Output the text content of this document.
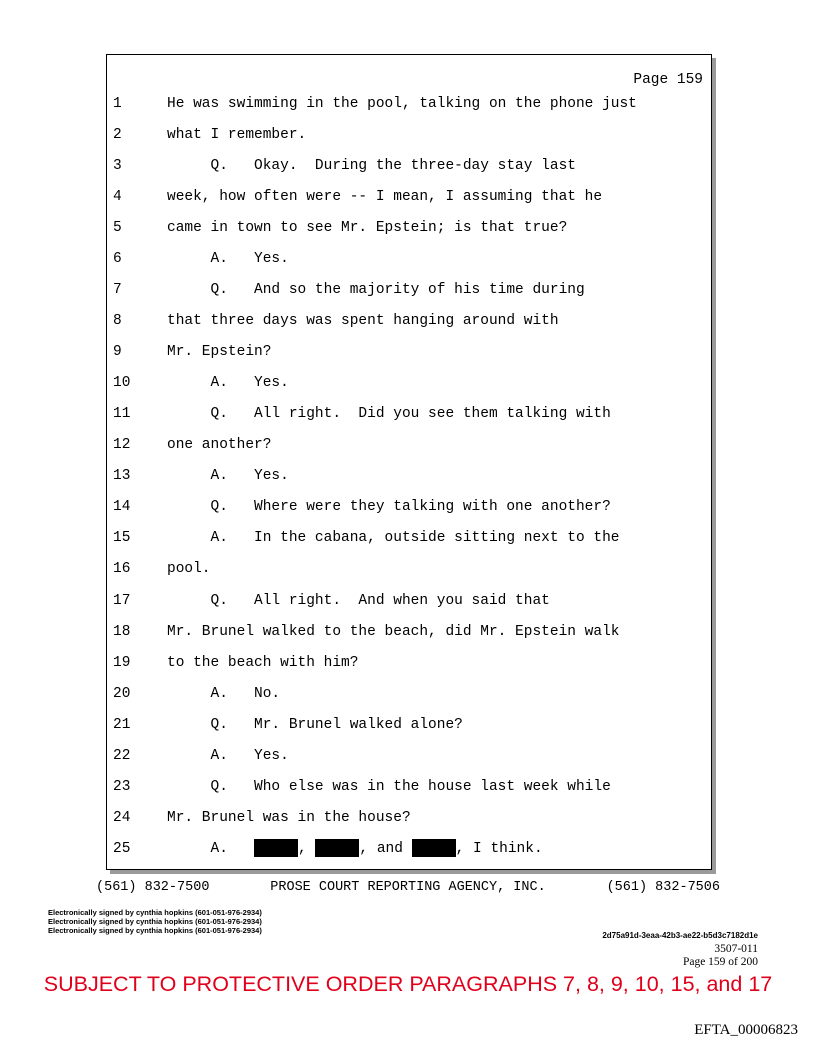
Page 159
1	He was swimming in the pool, talking on the phone just
2	what I remember.
3	Q.   Okay.  During the three-day stay last
4	week, how often were -- I mean, I assuming that he
5	came in town to see Mr. Epstein; is that true?
6	A.   Yes.
7	Q.   And so the majority of his time during
8	that three days was spent hanging around with
9	Mr. Epstein?
10	A.   Yes.
11	Q.   All right.  Did you see them talking with
12	one another?
13	A.   Yes.
14	Q.   Where were they talking with one another?
15	A.   In the cabana, outside sitting next to the
16	pool.
17	Q.   All right.  And when you said that
18	Mr. Brunel walked to the beach, did Mr. Epstein walk
19	to the beach with him?
20	A.   No.
21	Q.   Mr. Brunel walked alone?
22	A.   Yes.
23	Q.   Who else was in the house last week while
24	Mr. Brunel was in the house?
25	A.	,	, and	, I think.
(561) 832-7500	PROSE COURT REPORTING AGENCY, INC.	(561) 832-7506
Electronically signed by cynthia hopkins (601-051-976-2934)
Electronically signed by cynthia hopkins (601-051-976-2934)
Electronically signed by cynthia hopkins (601-051-976-2934)
2d75a91d-3eaa-42b3-ae22-b5d3c7182d1e
3507-011
Page 159 of 200
SUBJECT TO PROTECTIVE ORDER PARAGRAPHS 7, 8, 9, 10, 15, and 17
EFTA_00006823
